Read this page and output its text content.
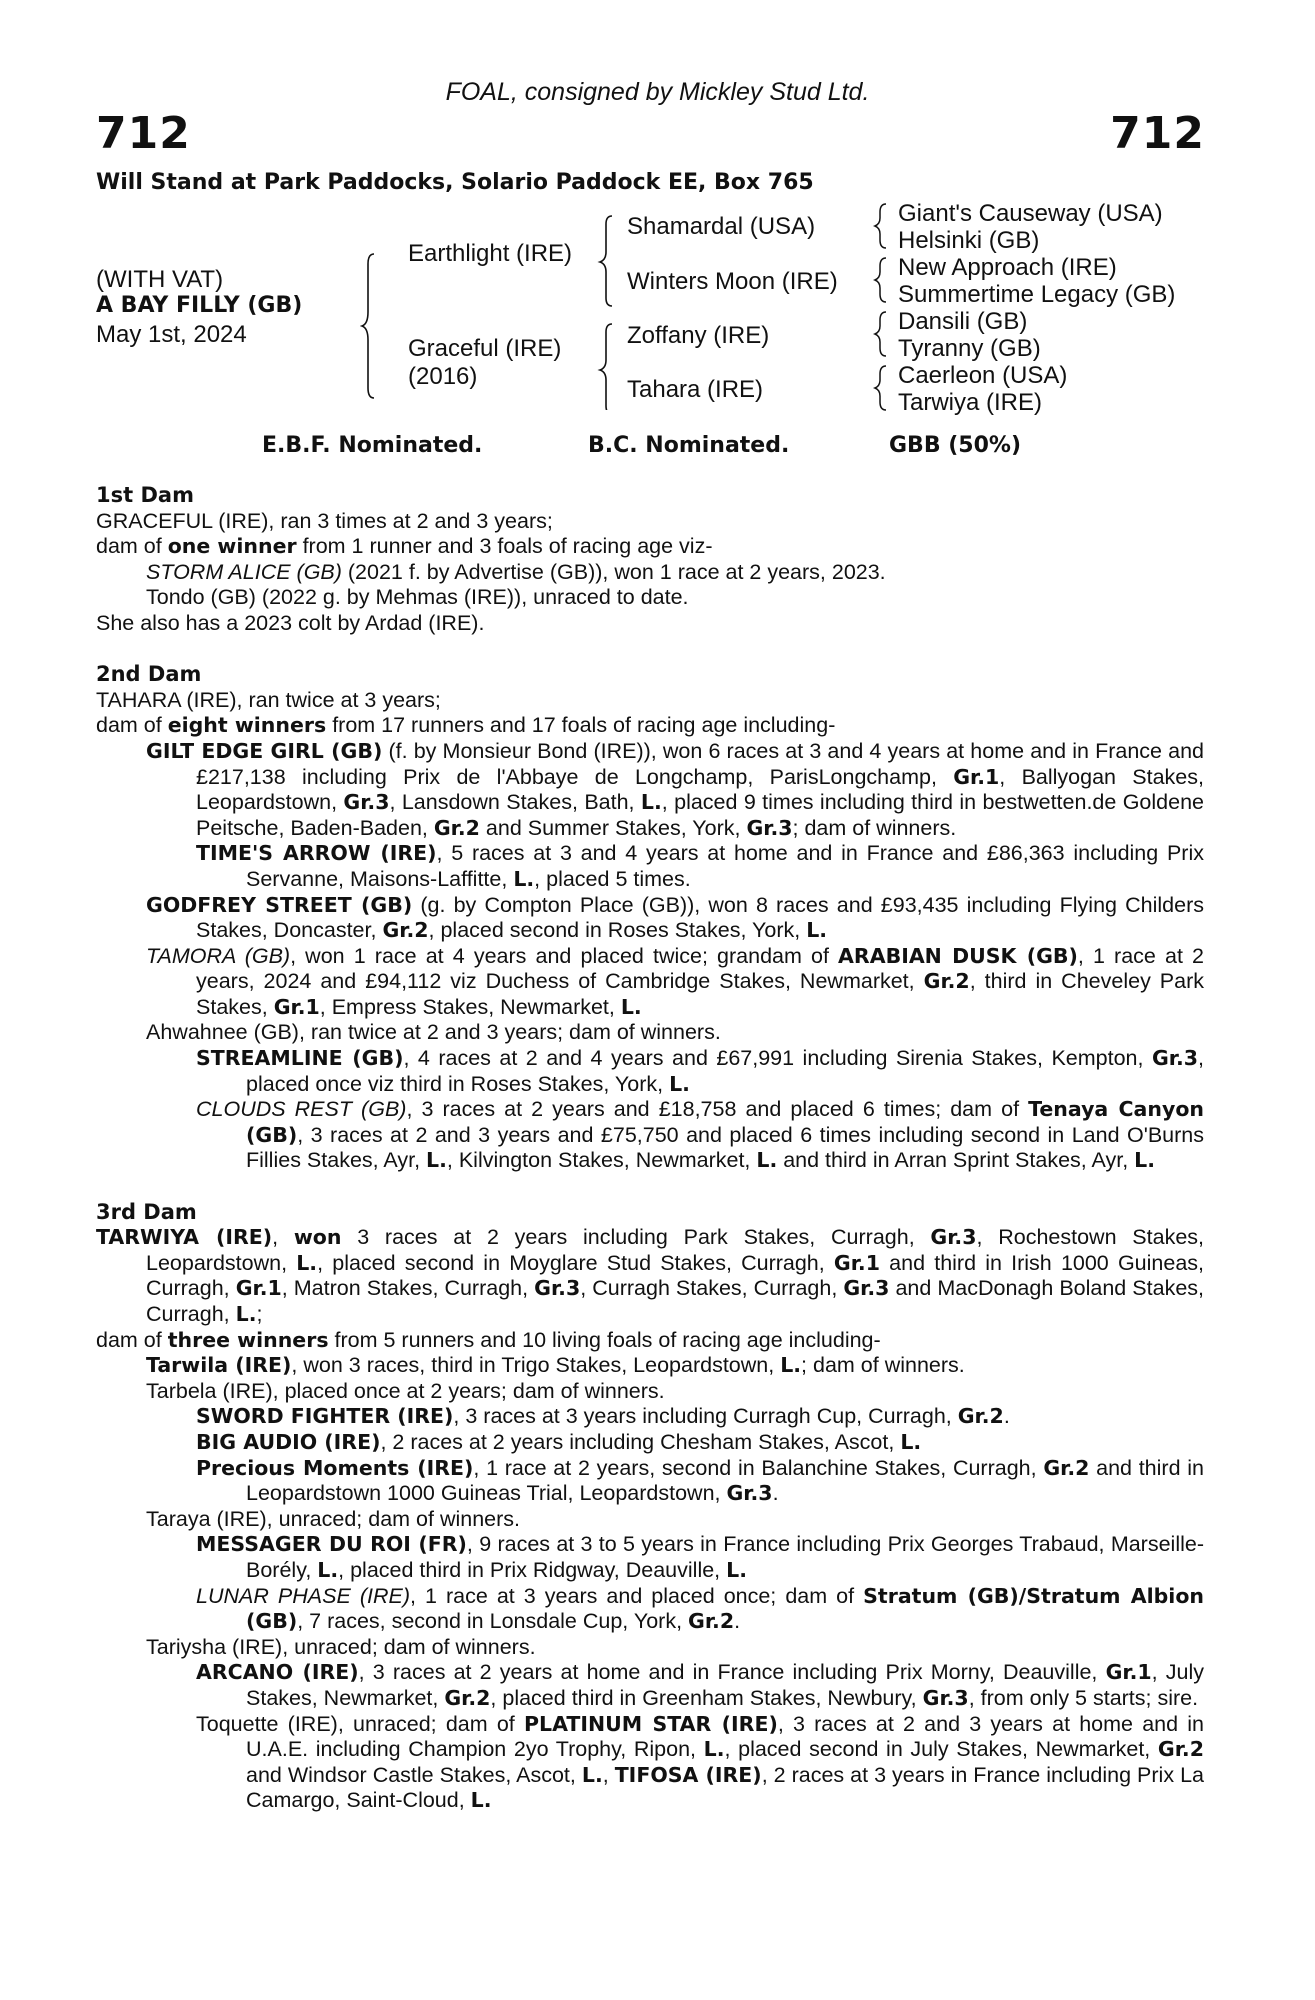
FOAL, consigned by Mickley Stud Ltd.
712	712
Will Stand at Park Paddocks, Solario Paddock EE, Box 765
(WITH VAT)
A BAY FILLY (GB)
May 1st, 2024
Earthlight (IRE)
Graceful (IRE)
(2016)
Shamardal (USA)
Winters Moon (IRE)
Zoffany (IRE)
Tahara (IRE)
Giant's Causeway (USA)
Helsinki (GB)
New Approach (IRE)
Summertime Legacy (GB)
Dansili (GB)
Tyranny (GB)
Caerleon (USA)
Tarwiya (IRE)
E.B.F. Nominated.	B.C. Nominated.	GBB (50%)

1st Dam

GRACEFUL (IRE), ran 3 times at 2 and 3 years;

dam of one winner from 1 runner and 3 foals of racing age viz-

STORM ALICE (GB) (2021 f. by Advertise (GB)), won 1 race at 2 years, 2023.

Tondo (GB) (2022 g. by Mehmas (IRE)), unraced to date.

She also has a 2023 colt by Ardad (IRE).

2nd Dam

TAHARA (IRE), ran twice at 3 years;

dam of eight winners from 17 runners and 17 foals of racing age including-

GILT EDGE GIRL (GB) (f. by Monsieur Bond (IRE)), won 6 races at 3 and 4 years at home and in France and £217,138 including Prix de l'Abbaye de Longchamp, ParisLongchamp, Gr.1, Ballyogan Stakes, Leopardstown, Gr.3, Lansdown Stakes, Bath, L., placed 9 times including third in bestwetten.de Goldene Peitsche, Baden-Baden, Gr.2 and Summer Stakes, York, Gr.3; dam of winners.

TIME'S ARROW (IRE), 5 races at 3 and 4 years at home and in France and £86,363 including Prix Servanne, Maisons-Laffitte, L., placed 5 times.

GODFREY STREET (GB) (g. by Compton Place (GB)), won 8 races and £93,435 including Flying Childers Stakes, Doncaster, Gr.2, placed second in Roses Stakes, York, L.

TAMORA (GB), won 1 race at 4 years and placed twice; grandam of ARABIAN DUSK (GB), 1 race at 2 years, 2024 and £94,112 viz Duchess of Cambridge Stakes, Newmarket, Gr.2, third in Cheveley Park Stakes, Gr.1, Empress Stakes, Newmarket, L.

Ahwahnee (GB), ran twice at 2 and 3 years; dam of winners.

STREAMLINE (GB), 4 races at 2 and 4 years and £67,991 including Sirenia Stakes, Kempton, Gr.3, placed once viz third in Roses Stakes, York, L.

CLOUDS REST (GB), 3 races at 2 years and £18,758 and placed 6 times; dam of Tenaya Canyon (GB), 3 races at 2 and 3 years and £75,750 and placed 6 times including second in Land O'Burns Fillies Stakes, Ayr, L., Kilvington Stakes, Newmarket, L. and third in Arran Sprint Stakes, Ayr, L.

3rd Dam

TARWIYA (IRE), won 3 races at 2 years including Park Stakes, Curragh, Gr.3, Rochestown Stakes, Leopardstown, L., placed second in Moyglare Stud Stakes, Curragh, Gr.1 and third in Irish 1000 Guineas, Curragh, Gr.1, Matron Stakes, Curragh, Gr.3, Curragh Stakes, Curragh, Gr.3 and MacDonagh Boland Stakes, Curragh, L.;

dam of three winners from 5 runners and 10 living foals of racing age including-

Tarwila (IRE), won 3 races, third in Trigo Stakes, Leopardstown, L.; dam of winners.

Tarbela (IRE), placed once at 2 years; dam of winners.

SWORD FIGHTER (IRE), 3 races at 3 years including Curragh Cup, Curragh, Gr.2.

BIG AUDIO (IRE), 2 races at 2 years including Chesham Stakes, Ascot, L.

Precious Moments (IRE), 1 race at 2 years, second in Balanchine Stakes, Curragh, Gr.2 and third in Leopardstown 1000 Guineas Trial, Leopardstown, Gr.3.

Taraya (IRE), unraced; dam of winners.

MESSAGER DU ROI (FR), 9 races at 3 to 5 years in France including Prix Georges Trabaud, Marseille-Borély, L., placed third in Prix Ridgway, Deauville, L.

LUNAR PHASE (IRE), 1 race at 3 years and placed once; dam of Stratum (GB)/Stratum Albion (GB), 7 races, second in Lonsdale Cup, York, Gr.2.

Tariysha (IRE), unraced; dam of winners.

ARCANO (IRE), 3 races at 2 years at home and in France including Prix Morny, Deauville, Gr.1, July Stakes, Newmarket, Gr.2, placed third in Greenham Stakes, Newbury, Gr.3, from only 5 starts; sire.

Toquette (IRE), unraced; dam of PLATINUM STAR (IRE), 3 races at 2 and 3 years at home and in U.A.E. including Champion 2yo Trophy, Ripon, L., placed second in July Stakes, Newmarket, Gr.2 and Windsor Castle Stakes, Ascot, L., TIFOSA (IRE), 2 races at 3 years in France including Prix La Camargo, Saint-Cloud, L.
